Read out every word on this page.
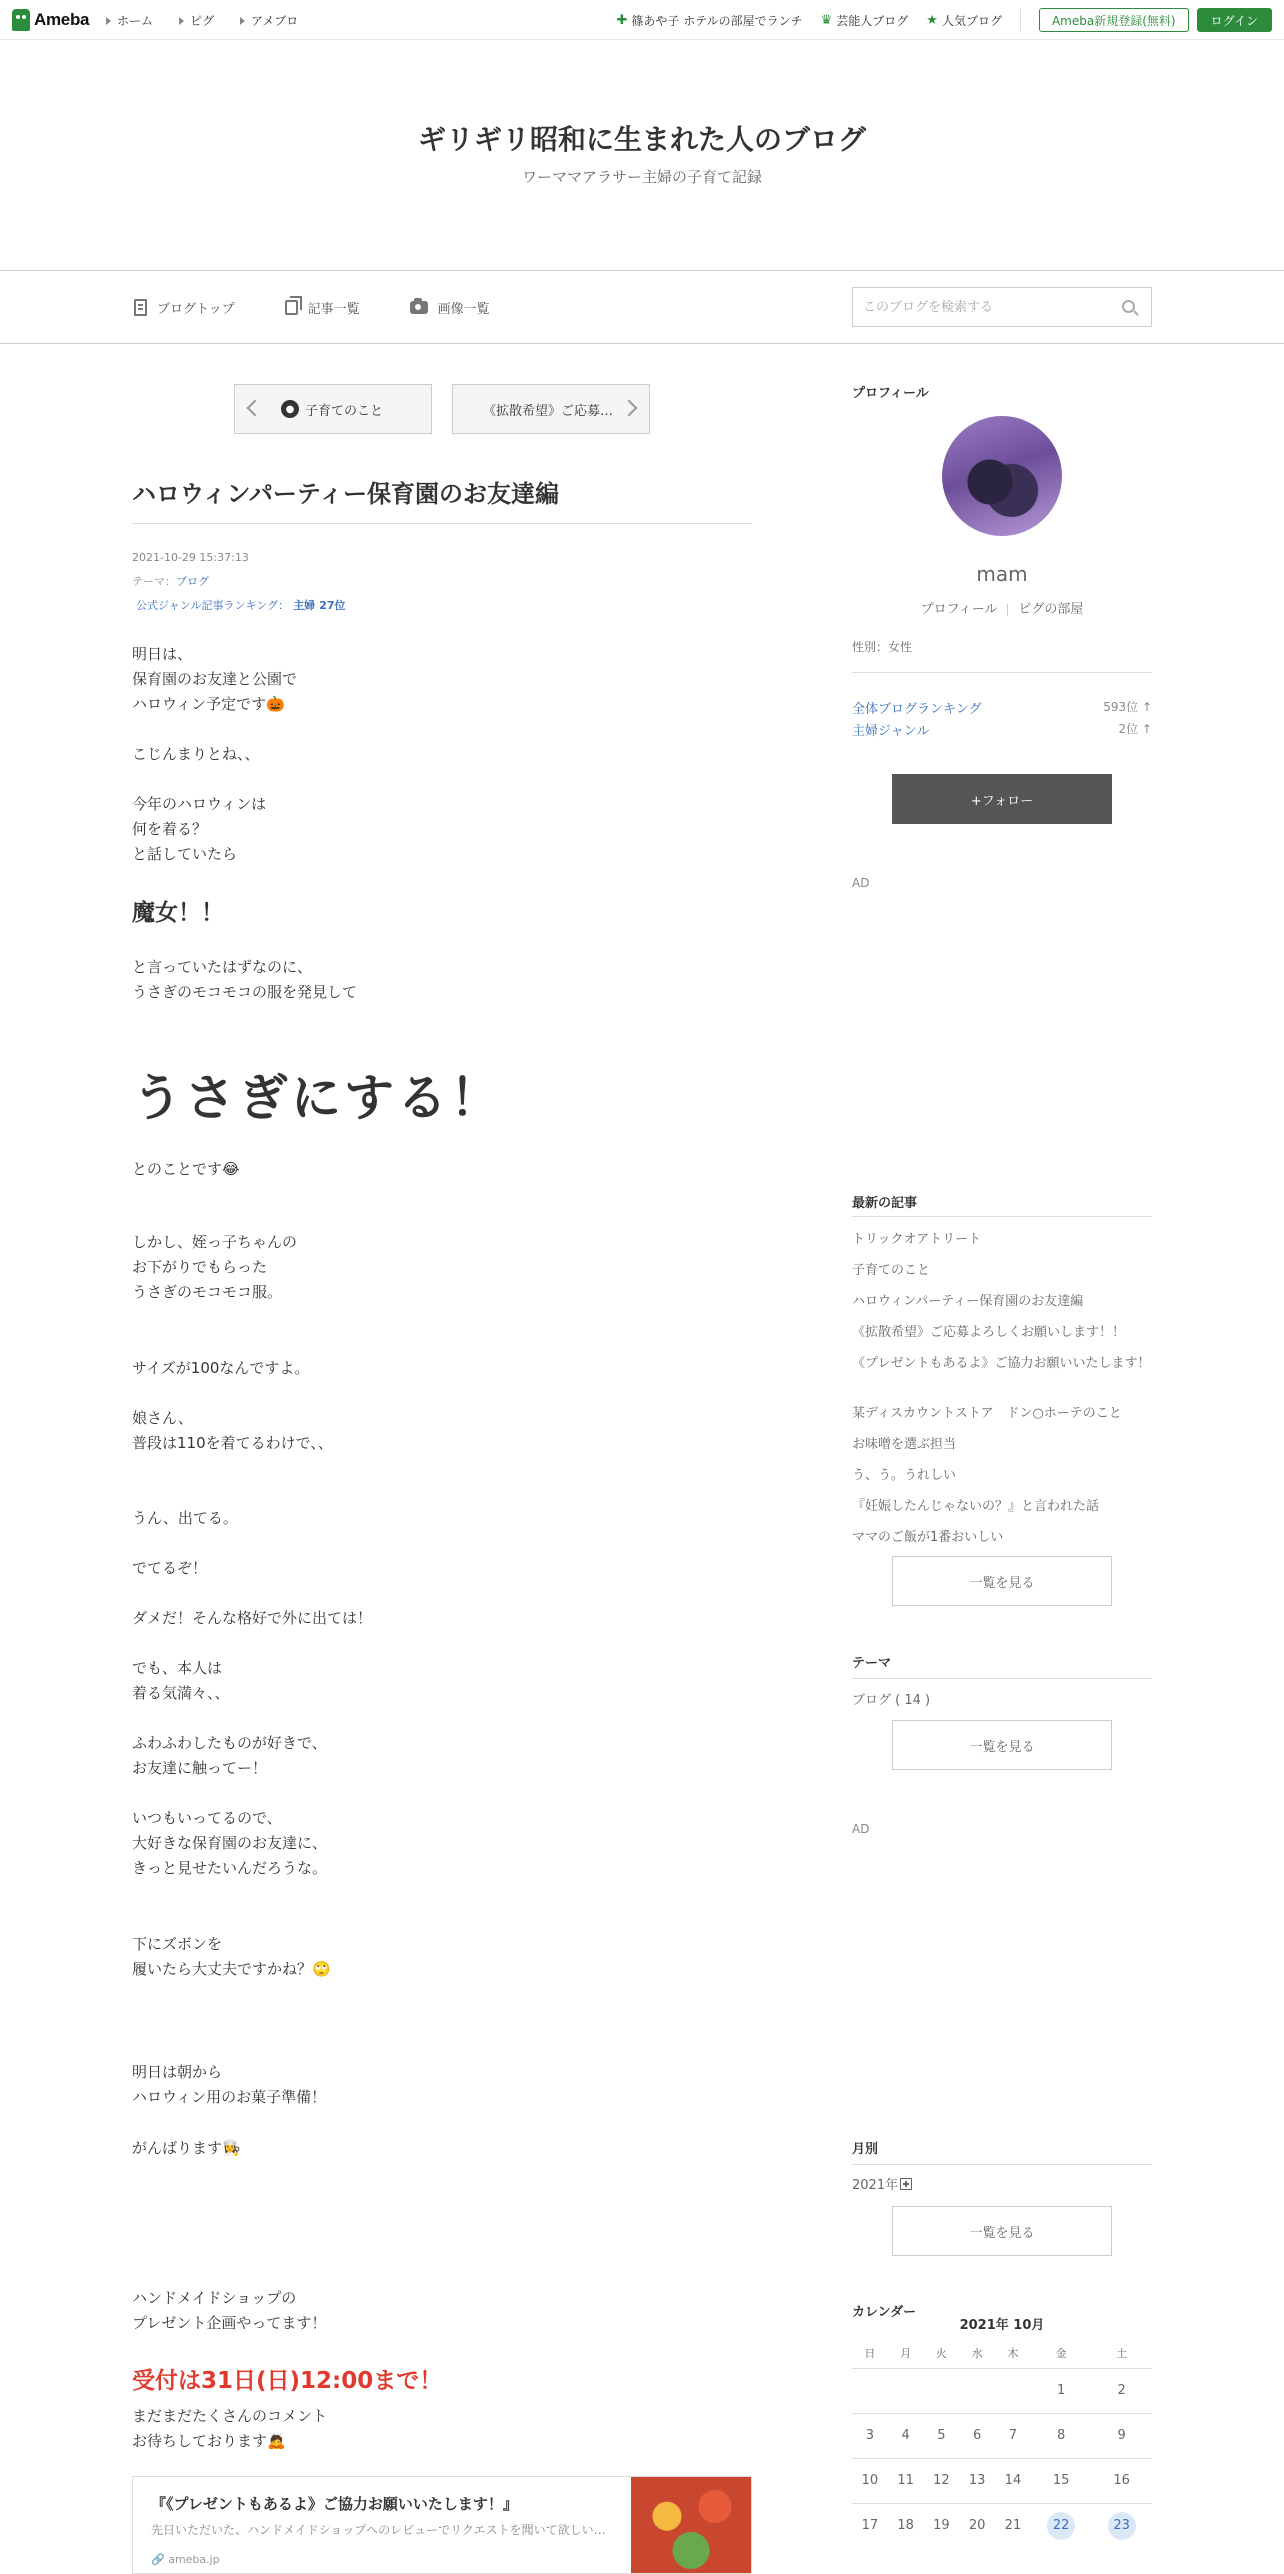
Ameba ホーム	ピグ	アメブロ	✚ 篠あや子 ホテルの部屋でランチ ♛ 芸能人ブログ ★ 人気ブログ	Ameba新規登録(無料)	ログイン
ギリギリ昭和に生まれた人のブログ
ワーママアラサー主婦の子育て記録
ブログトップ	記事一覧	画像一覧
このブログを検索する
● 子育てのこと	《拡散希望》ご応募…
ハロウィンパーティー保育園のお友達編
2021-10-29 15:37:13
テーマ：ブログ
公式ジャンル記事ランキング： 主婦 27位
明日は、
保育園のお友達と公園で
ハロウィン予定です🎃
こじんまりとね、、
今年のハロウィンは
何を着る？
と話していたら
魔女！！
と言っていたはずなのに、
うさぎのモコモコの服を発見して
うさぎにする！
とのことです😂
しかし、姪っ子ちゃんの
お下がりでもらった
うさぎのモコモコ服。
サイズが100なんですよ。
娘さん、
普段は110を着てるわけで、、
うん、出てる。
でてるぞ！
ダメだ！そんな格好で外に出ては！
でも、本人は
着る気満々、、
ふわふわしたものが好きで、
お友達に触ってー！
いつもいってるので、
大好きな保育園のお友達に、
きっと見せたいんだろうな。
下にズボンを
履いたら大丈夫ですかね？🙄
明日は朝から
ハロウィン用のお菓子準備！
がんばります👩‍🍳
ハンドメイドショップの
プレゼント企画やってます！
受付は31日(日)12:00まで！
まだまだたくさんのコメント
お待ちしております🙇
『《プレゼントもあるよ》ご協力お願いいたします！』
先日いただいた、ハンドメイドショップへのレビューでリクエストを聞いて欲しい…
🔗 ameba.jp
プロフィール
mam
プロフィール ピグの部屋
性別：女性
全体ブログランキング	593位 ↑
主婦ジャンル	2位 ↑
+フォロー
AD
最新の記事
トリックオアトリート
子育てのこと
ハロウィンパーティー保育園のお友達編
《拡散希望》ご応募よろしくお願いします！！
《プレゼントもあるよ》ご協力お願いいたします！
某ディスカウントストア　ドン○ホーテのこと
お味噌を選ぶ担当
う、う。うれしい
『妊娠したんじゃないの？』と言われた話
ママのご飯が1番おいしい
一覧を見る
テーマ
ブログ ( 14 )
一覧を見る
AD
月別
2021年
一覧を見る
カレンダー
2021年 10月
日	月	火	水	木	金	土
					1	2
3	4	5	6	7	8	9
10	11	12	13	14	15	16
17	18	19	20	21	22	23
